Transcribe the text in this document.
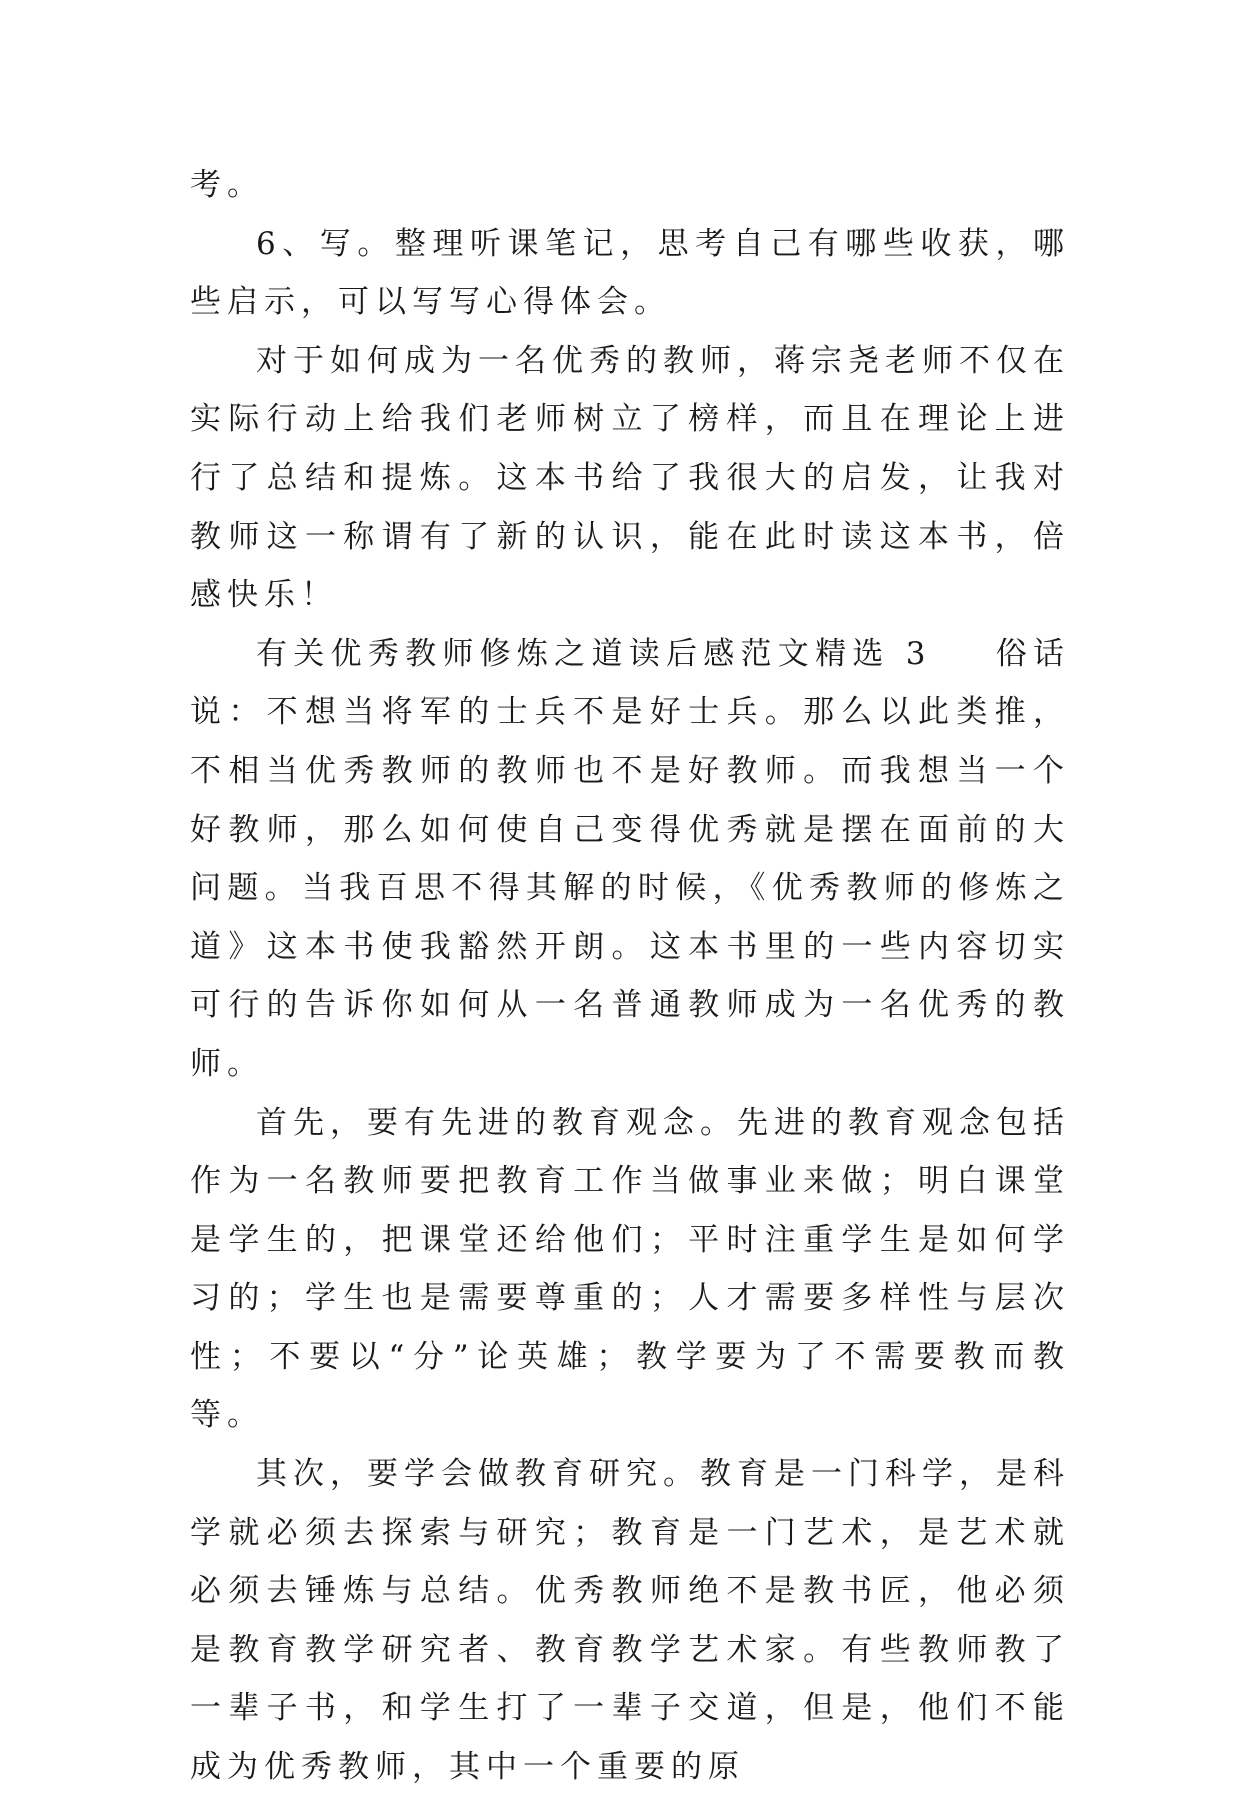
考。

6、写。整理听课笔记，思考自己有哪些收获，哪些启示，可以写写心得体会。

对于如何成为一名优秀的教师，蒋宗尧老师不仅在实际行动上给我们老师树立了榜样，而且在理论上进行了总结和提炼。这本书给了我很大的启发，让我对教师这一称谓有了新的认识，能在此时读这本书，倍感快乐！

有关优秀教师修炼之道读后感范文精选 3 俗话说：不想当将军的士兵不是好士兵。那么以此类推，不相当优秀教师的教师也不是好教师。而我想当一个好教师，那么如何使自己变得优秀就是摆在面前的大问题。当我百思不得其解的时候，《优秀教师的修炼之道》这本书使我豁然开朗。这本书里的一些内容切实可行的告诉你如何从一名普通教师成为一名优秀的教师。

首先，要有先进的教育观念。先进的教育观念包括作为一名教师要把教育工作当做事业来做；明白课堂是学生的，把课堂还给他们；平时注重学生是如何学习的；学生也是需要尊重的；人才需要多样性与层次性；不要以“分”论英雄；教学要为了不需要教而教等。

其次，要学会做教育研究。教育是一门科学，是科学就必须去探索与研究；教育是一门艺术，是艺术就必须去锤炼与总结。优秀教师绝不是教书匠，他必须是教育教学研究者、教育教学艺术家。有些教师教了一辈子书，和学生打了一辈子交道，但是，他们不能成为优秀教师，其中一个重要的原
